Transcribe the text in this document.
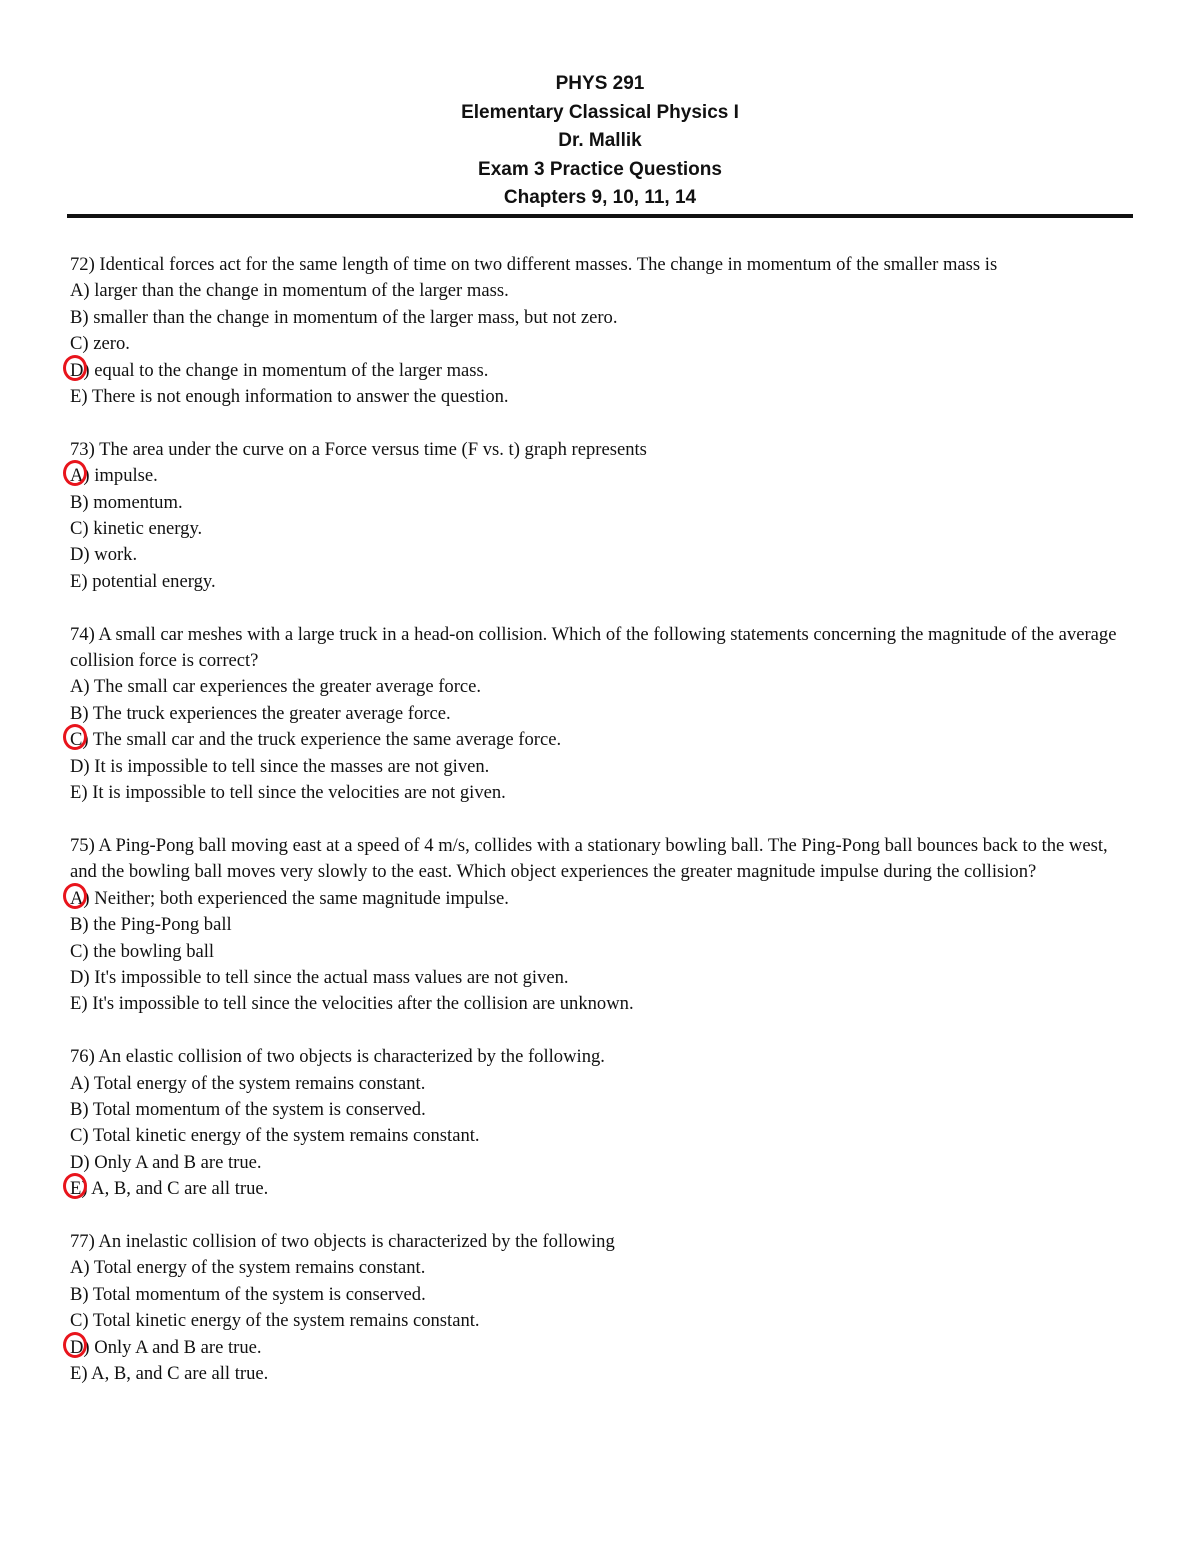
PHYS 291
Elementary Classical Physics I
Dr. Mallik
Exam 3 Practice Questions
Chapters 9, 10, 11, 14

72) Identical forces act for the same length of time on two different masses. The change in momentum of the smaller mass is

A) larger than the change in momentum of the larger mass.

B) smaller than the change in momentum of the larger mass, but not zero.

C) zero.

D) equal to the change in momentum of the larger mass.

E) There is not enough information to answer the question.

73) The area under the curve on a Force versus time (F vs. t) graph represents

A) impulse.

B) momentum.

C) kinetic energy.

D) work.

E) potential energy.

74) A small car meshes with a large truck in a head-on collision. Which of the following statements concerning the magnitude of the average collision force is correct?

A) The small car experiences the greater average force.

B) The truck experiences the greater average force.

C) The small car and the truck experience the same average force.

D) It is impossible to tell since the masses are not given.

E) It is impossible to tell since the velocities are not given.

75) A Ping-Pong ball moving east at a speed of 4 m/s, collides with a stationary bowling ball. The Ping-Pong ball bounces back to the west, and the bowling ball moves very slowly to the east. Which object experiences the greater magnitude impulse during the collision?

A) Neither; both experienced the same magnitude impulse.

B) the Ping-Pong ball

C) the bowling ball

D) It's impossible to tell since the actual mass values are not given.

E) It's impossible to tell since the velocities after the collision are unknown.

76) An elastic collision of two objects is characterized by the following.

A) Total energy of the system remains constant.

B) Total momentum of the system is conserved.

C) Total kinetic energy of the system remains constant.

D) Only A and B are true.

E) A, B, and C are all true.

77) An inelastic collision of two objects is characterized by the following

A) Total energy of the system remains constant.

B) Total momentum of the system is conserved.

C) Total kinetic energy of the system remains constant.

D) Only A and B are true.

E) A, B, and C are all true.
